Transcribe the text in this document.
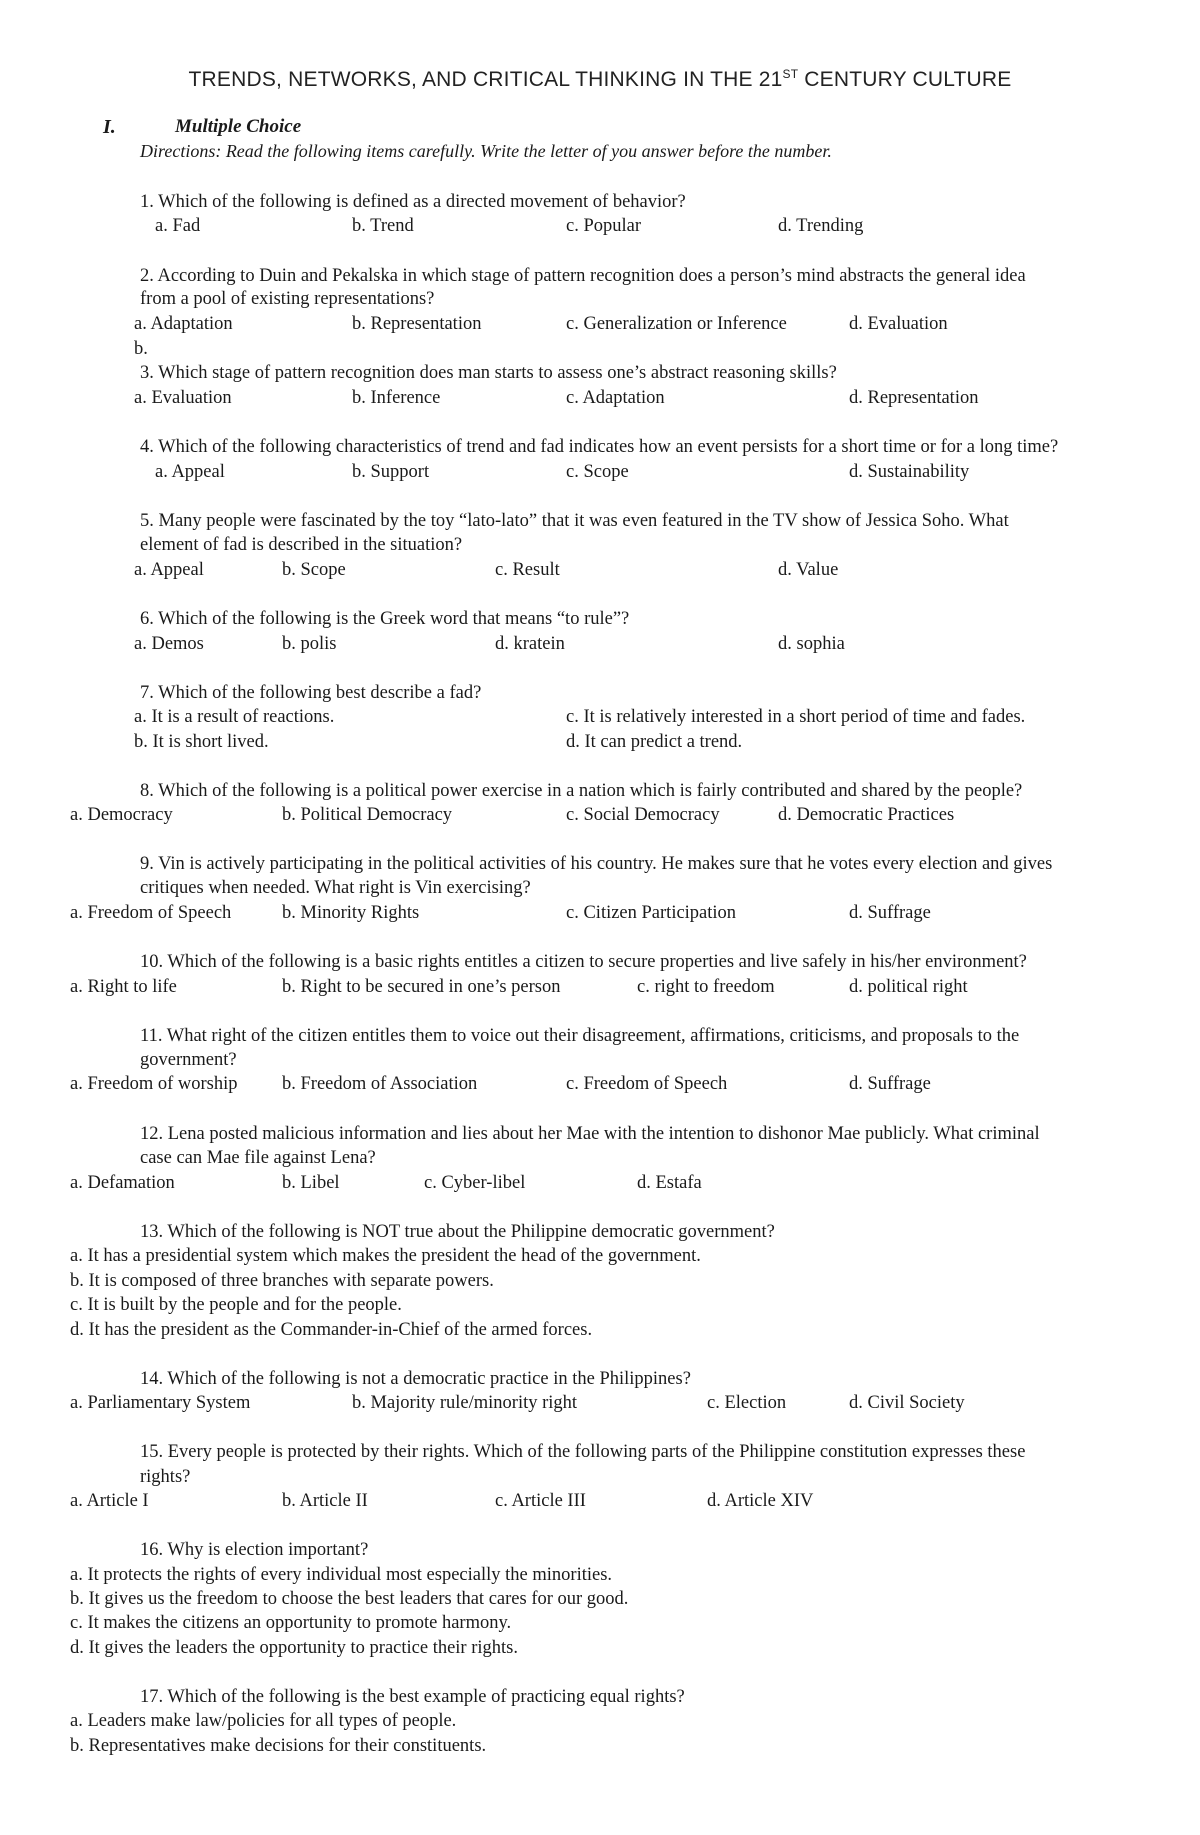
TRENDS, NETWORKS, AND CRITICAL THINKING IN THE 21ST CENTURY CULTURE
I.	Multiple Choice
Directions: Read the following items carefully. Write the letter of you answer before the number.
1. Which of the following is defined as a directed movement of behavior?
a. Fad	b. Trend	c. Popular	d. Trending
2. According to Duin and Pekalska in which stage of pattern recognition does a person’s mind abstracts the general idea
from a pool of existing representations?
a. Adaptation	b. Representation	c. Generalization or Inference	d. Evaluation
b.
3. Which stage of pattern recognition does man starts to assess one’s abstract reasoning skills?
a. Evaluation	b. Inference	c. Adaptation	d. Representation
4. Which of the following characteristics of trend and fad indicates how an event persists for a short time or for a long time?
a. Appeal	b. Support	c. Scope	d. Sustainability
5. Many people were fascinated by the toy “lato-lato” that it was even featured in the TV show of Jessica Soho. What
element of fad is described in the situation?
a. Appeal	b. Scope	c. Result	d. Value
6. Which of the following is the Greek word that means “to rule”?
a. Demos	b. polis	d. kratein	d. sophia
7. Which of the following best describe a fad?
a. It is a result of reactions.	c. It is relatively interested in a short period of time and fades.
b. It is short lived.	d. It can predict a trend.
8. Which of the following is a political power exercise in a nation which is fairly contributed and shared by the people?
a. Democracy	b. Political Democracy	c. Social Democracy	d. Democratic Practices
9. Vin is actively participating in the political activities of his country. He makes sure that he votes every election and gives
critiques when needed. What right is Vin exercising?
a. Freedom of Speech	b. Minority Rights	c. Citizen Participation	d. Suffrage
10. Which of the following is a basic rights entitles a citizen to secure properties and live safely in his/her environment?
a. Right to life	b. Right to be secured in one’s person	c. right to freedom	d. political right
11. What right of the citizen entitles them to voice out their disagreement, affirmations, criticisms, and proposals to the
government?
a. Freedom of worship b. Freedom of Association	c. Freedom of Speech	d. Suffrage
12. Lena posted malicious information and lies about her Mae with the intention to dishonor Mae publicly. What criminal
case can Mae file against Lena?
a. Defamation	b. Libel	c. Cyber-libel	d. Estafa
13. Which of the following is NOT true about the Philippine democratic government?
a. It has a presidential system which makes the president the head of the government.
b. It is composed of three branches with separate powers.
c. It is built by the people and for the people.
d. It has the president as the Commander-in-Chief of the armed forces.
14. Which of the following is not a democratic practice in the Philippines?
a. Parliamentary System	b. Majority rule/minority right	c. Election	d. Civil Society
15. Every people is protected by their rights. Which of the following parts of the Philippine constitution expresses these
rights?
a. Article I	b. Article II	c. Article III	d. Article XIV
16. Why is election important?
a. It protects the rights of every individual most especially the minorities.
b. It gives us the freedom to choose the best leaders that cares for our good.
c. It makes the citizens an opportunity to promote harmony.
d. It gives the leaders the opportunity to practice their rights.
17. Which of the following is the best example of practicing equal rights?
a. Leaders make law/policies for all types of people.
b. Representatives make decisions for their constituents.
